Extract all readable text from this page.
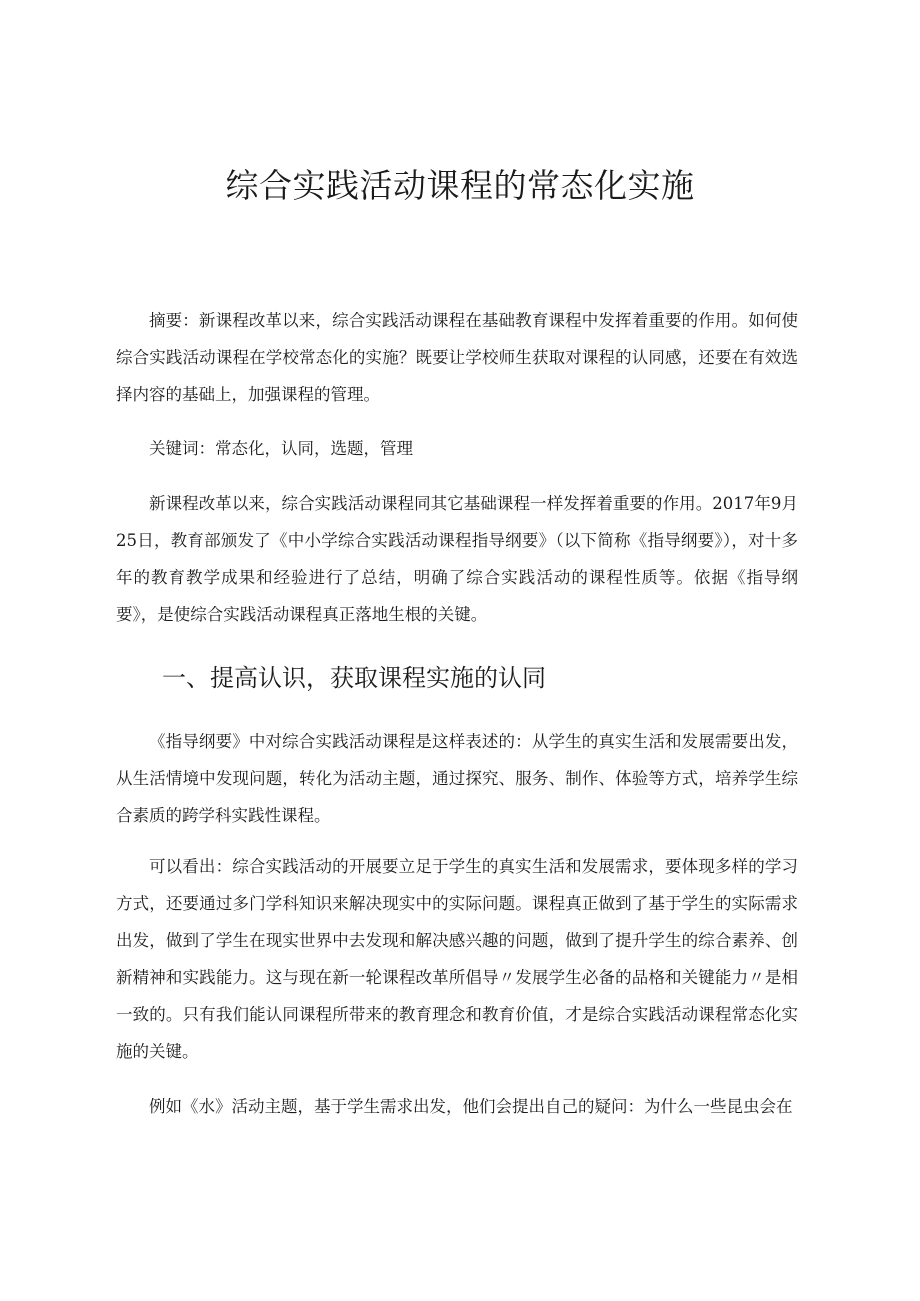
综合实践活动课程的常态化实施

摘要：新课程改革以来，综合实践活动课程在基础教育课程中发挥着重要的作用。如何使综合实践活动课程在学校常态化的实施？既要让学校师生获取对课程的认同感，还要在有效选择内容的基础上，加强课程的管理。

关键词：常态化，认同，选题，管理

新课程改革以来，综合实践活动课程同其它基础课程一样发挥着重要的作用。2017年9月25日，教育部颁发了《中小学综合实践活动课程指导纲要》（以下简称《指导纲要》），对十多年的教育教学成果和经验进行了总结，明确了综合实践活动的课程性质等。依据《指导纲要》，是使综合实践活动课程真正落地生根的关键。

一、提高认识，获取课程实施的认同

《指导纲要》中对综合实践活动课程是这样表述的：从学生的真实生活和发展需要出发，从生活情境中发现问题，转化为活动主题，通过探究、服务、制作、体验等方式，培养学生综合素质的跨学科实践性课程。

可以看出：综合实践活动的开展要立足于学生的真实生活和发展需求，要体现多样的学习方式，还要通过多门学科知识来解决现实中的实际问题。课程真正做到了基于学生的实际需求出发，做到了学生在现实世界中去发现和解决感兴趣的问题，做到了提升学生的综合素养、创新精神和实践能力。这与现在新一轮课程改革所倡导〃发展学生必备的品格和关键能力〃是相一致的。只有我们能认同课程所带来的教育理念和教育价值，才是综合实践活动课程常态化实施的关键。

例如《水》活动主题，基于学生需求出发，他们会提出自己的疑问：为什么一些昆虫会在
